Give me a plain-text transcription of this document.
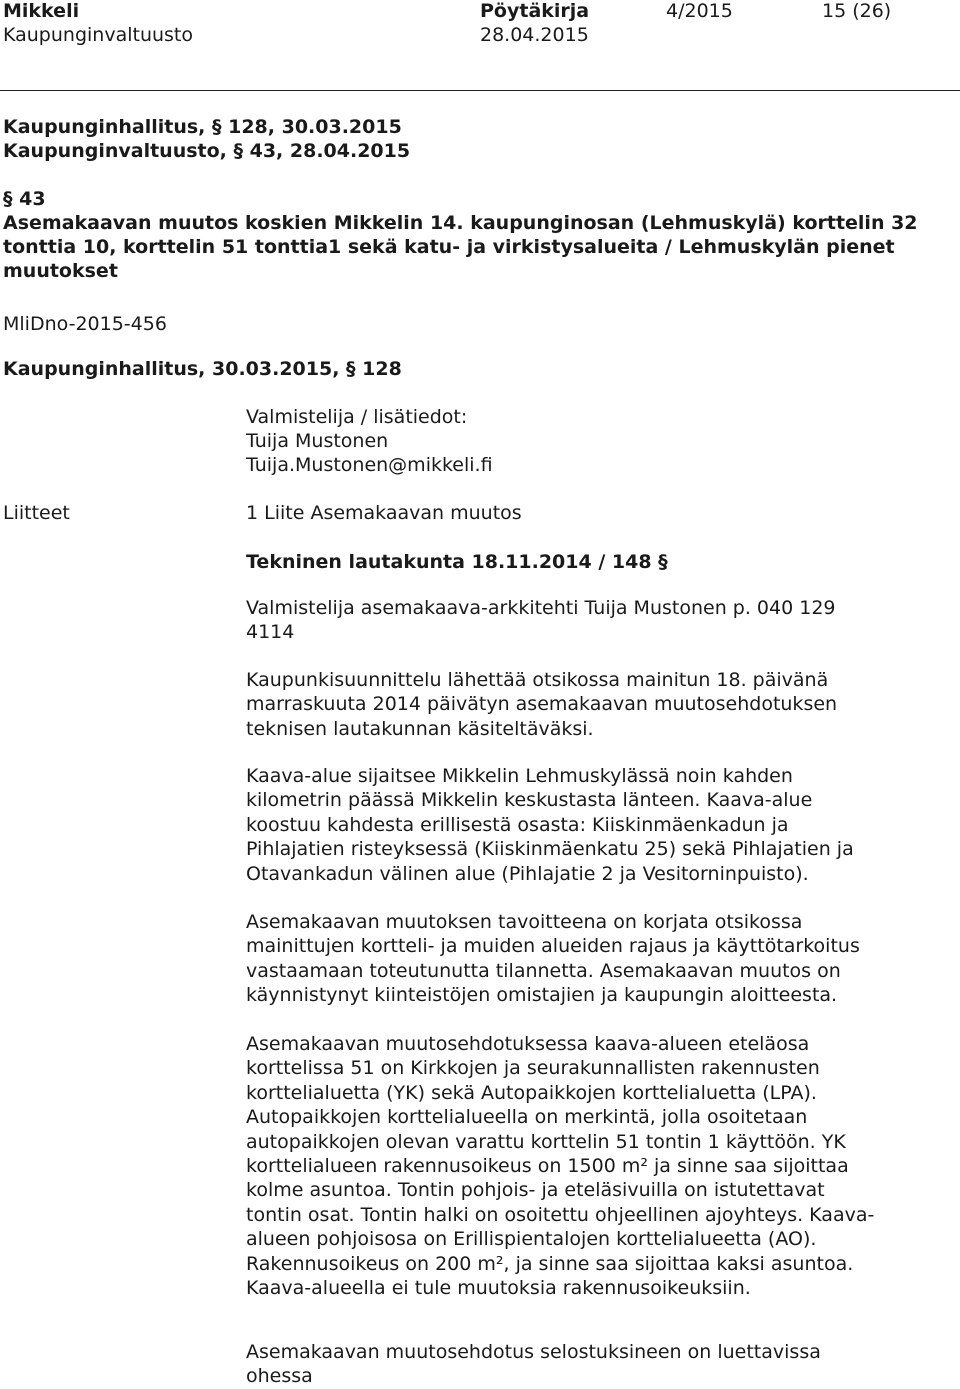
Mikkeli
Kaupunginvaltuusto
Pöytäkirja
28.04.2015
4/2015	15 (26)
Kaupunginhallitus, § 128, 30.03.2015
Kaupunginvaltuusto, § 43, 28.04.2015
§ 43
Asemakaavan muutos koskien Mikkelin 14. kaupunginosan (Lehmuskylä) korttelin 32
tonttia 10, korttelin 51 tonttia1 sekä katu- ja virkistysalueita / Lehmuskylän pienet
muutokset
MliDno-2015-456
Kaupunginhallitus, 30.03.2015, § 128
Valmistelija / lisätiedot:
Tuija Mustonen
Tuija.Mustonen@mikkeli.fi
Liitteet	1 Liite Asemakaavan muutos
Tekninen lautakunta 18.11.2014 / 148 §
Valmistelija asemakaava-arkkitehti Tuija Mustonen p. 040 129
4114
Kaupunkisuunnittelu lähettää otsikossa mainitun 18. päivänä
marraskuuta 2014 päivätyn asemakaavan muutosehdotuksen
teknisen lautakunnan käsiteltäväksi.
Kaava-alue sijaitsee Mikkelin Lehmuskylässä noin kahden
kilometrin päässä Mikkelin keskustasta länteen. Kaava-alue
koostuu kahdesta erillisestä osasta: Kiiskinmäenkadun ja
Pihlajatien risteyksessä (Kiiskinmäenkatu 25) sekä Pihlajatien ja
Otavankadun välinen alue (Pihlajatie 2 ja Vesitorninpuisto).
Asemakaavan muutoksen tavoitteena on korjata otsikossa
mainittujen kortteli- ja muiden alueiden rajaus ja käyttötarkoitus
vastaamaan toteutunutta tilannetta. Asemakaavan muutos on
käynnistynyt kiinteistöjen omistajien ja kaupungin aloitteesta.
Asemakaavan muutosehdotuksessa kaava-alueen eteläosa
korttelissa 51 on Kirkkojen ja seurakunnallisten rakennusten
korttelialuetta (YK) sekä Autopaikkojen korttelialuetta (LPA).
Autopaikkojen korttelialueella on merkintä, jolla osoitetaan
autopaikkojen olevan varattu korttelin 51 tontin 1 käyttöön. YK
korttelialueen rakennusoikeus on 1500 m² ja sinne saa sijoittaa
kolme asuntoa. Tontin pohjois- ja eteläsivuilla on istutettavat
tontin osat. Tontin halki on osoitettu ohjeellinen ajoyhteys. Kaava-
alueen pohjoisosa on Erillispientalojen korttelialueetta (AO).
Rakennusoikeus on 200 m², ja sinne saa sijoittaa kaksi asuntoa.
Kaava-alueella ei tule muutoksia rakennusoikeuksiin.
Asemakaavan muutosehdotus selostuksineen on luettavissa
ohessa
